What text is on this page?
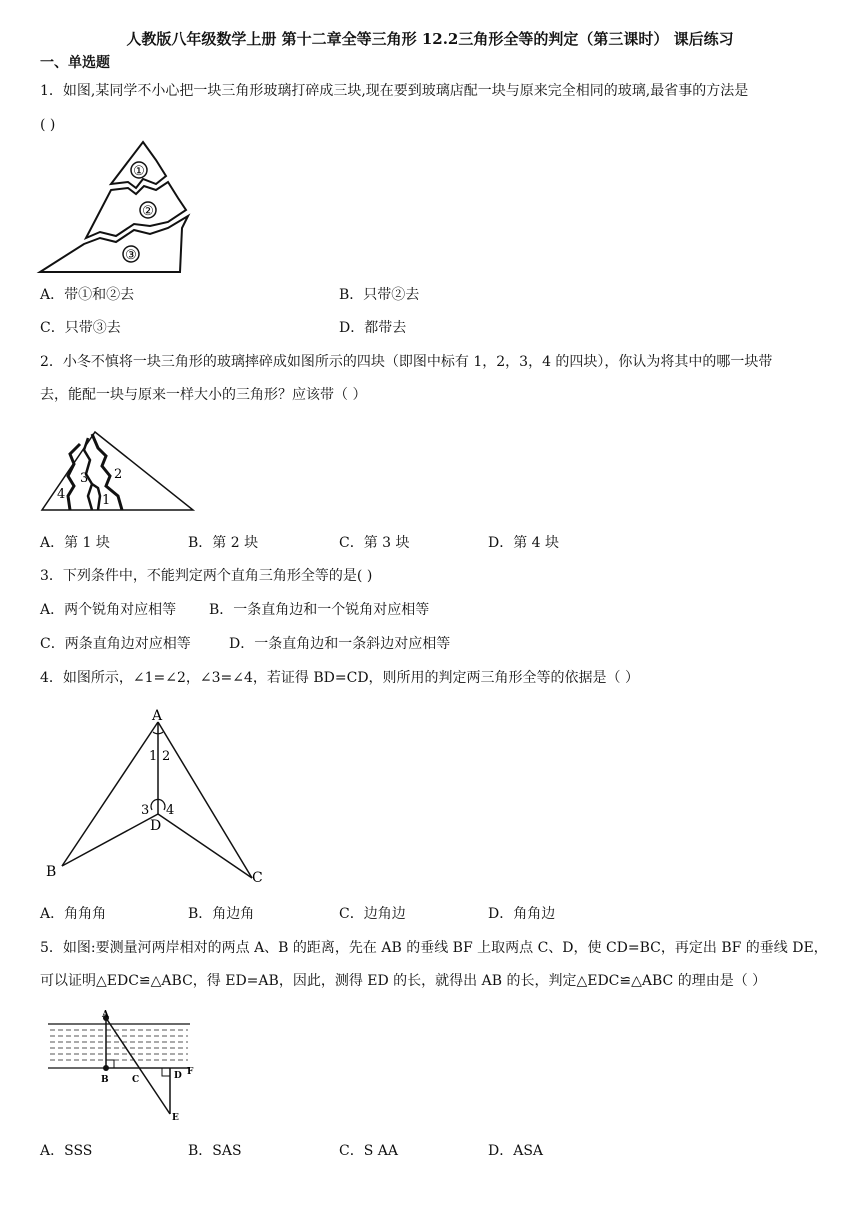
人教版八年级数学上册 第十二章全等三角形 12.2三角形全等的判定（第三课时） 课后练习
一、单选题
1．如图,某同学不小心把一块三角形玻璃打碎成三块,现在要到玻璃店配一块与原来完全相同的玻璃,最省事的方法是
( )
①
②
③
A．带①和②去	B．只带②去
C．只带③去	D．都带去
2．小冬不慎将一块三角形的玻璃摔碎成如图所示的四块（即图中标有 1，2，3，4 的四块），你认为将其中的哪一块带
去，能配一块与原来一样大小的三角形？应该带（ ）
1
2
3
4
A．第 1 块	B．第 2 块	C．第 3 块	D．第 4 块
3．下列条件中，不能判定两个直角三角形全等的是( )
A．两个锐角对应相等 B．一条直角边和一个锐角对应相等
C．两条直角边对应相等	D．一条直角边和一条斜边对应相等
4．如图所示，∠1=∠2，∠3=∠4，若证得 BD=CD，则所用的判定两三角形全等的依据是（ ）
A
B	C
D
1 2
3 4
A．角角角	B．角边角	C．边角边	D．角角边
5．如图:要测量河两岸相对的两点 A、B 的距离，先在 AB 的垂线 BF 上取两点 C、D，使 CD=BC，再定出 BF 的垂线 DE，
可以证明△EDC≌△ABC，得 ED=AB，因此，测得 ED 的长，就得出 AB 的长，判定△EDC≌△ABC 的理由是（ ）
A
B	C	D F
E
A．SSS	B．SAS	C．S AA	D．ASA
